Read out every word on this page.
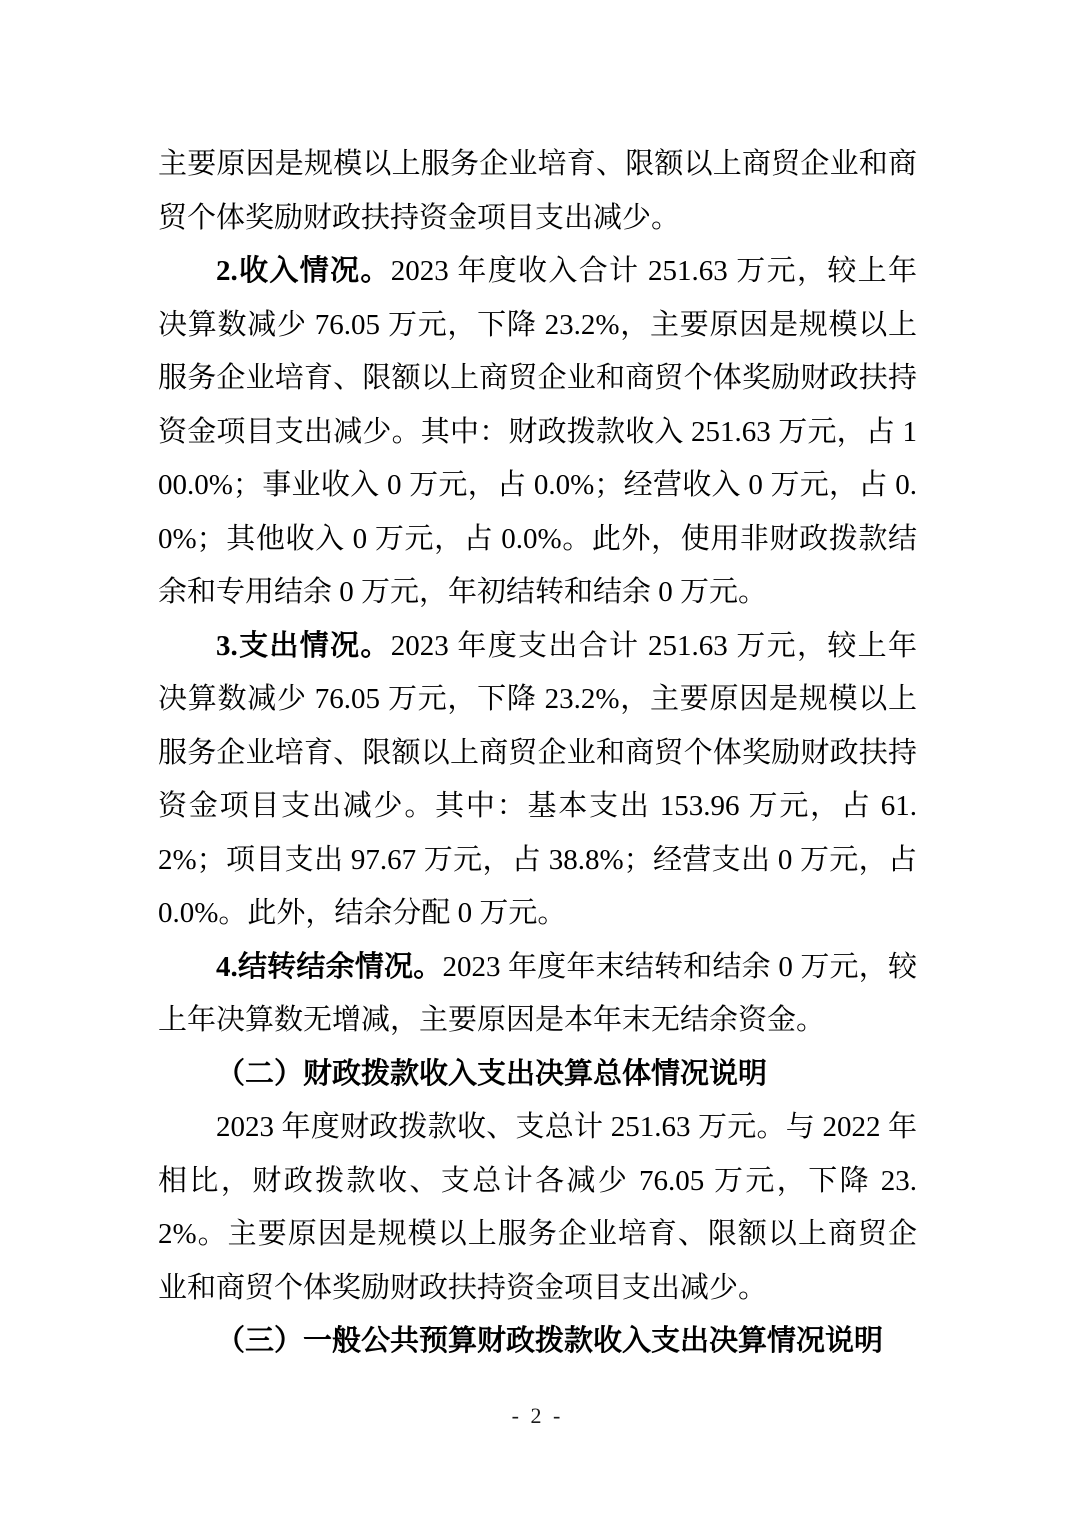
主要原因是规模以上服务企业培育、限额以上商贸企业和商贸个体奖励财政扶持资金项目支出减少。

2.收入情况。2023 年度收入合计 251.63 万元，较上年决算数减少 76.05 万元，下降 23.2%，主要原因是规模以上服务企业培育、限额以上商贸企业和商贸个体奖励财政扶持资金项目支出减少。其中：财政拨款收入 251.63 万元，占 100.0%；事业收入 0 万元，占 0.0%；经营收入 0 万元，占 0.0%；其他收入 0 万元，占 0.0%。此外，使用非财政拨款结余和专用结余 0 万元，年初结转和结余 0 万元。

3.支出情况。2023 年度支出合计 251.63 万元，较上年决算数减少 76.05 万元，下降 23.2%，主要原因是规模以上服务企业培育、限额以上商贸企业和商贸个体奖励财政扶持资金项目支出减少。其中：基本支出 153.96 万元，占 61.2%；项目支出 97.67 万元，占 38.8%；经营支出 0 万元，占 0.0%。此外，结余分配 0 万元。

4.结转结余情况。2023 年度年末结转和结余 0 万元，较上年决算数无增减，主要原因是本年末无结余资金。

（二）财政拨款收入支出决算总体情况说明

2023 年度财政拨款收、支总计 251.63 万元。与 2022 年相比，财政拨款收、支总计各减少 76.05 万元，下降 23.2%。主要原因是规模以上服务企业培育、限额以上商贸企业和商贸个体奖励财政扶持资金项目支出减少。

（三）一般公共预算财政拨款收入支出决算情况说明

- 2 -
